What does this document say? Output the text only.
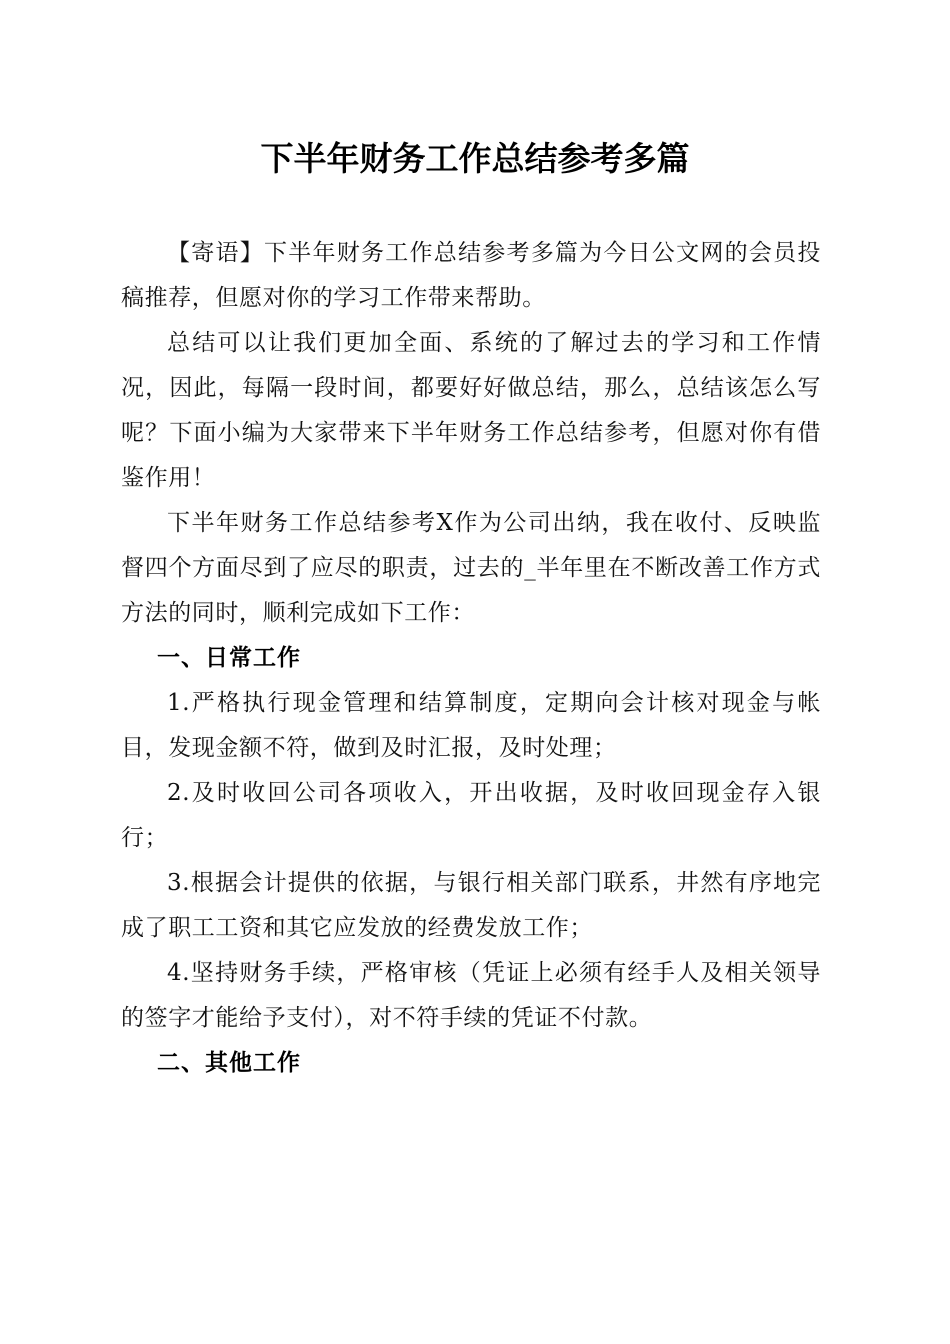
下半年财务工作总结参考多篇

【寄语】下半年财务工作总结参考多篇为今日公文网的会员投稿推荐，但愿对你的学习工作带来帮助。

总结可以让我们更加全面、系统的了解过去的学习和工作情况，因此，每隔一段时间，都要好好做总结，那么，总结该怎么写呢？下面小编为大家带来下半年财务工作总结参考，但愿对你有借鉴作用！

下半年财务工作总结参考X作为公司出纳，我在收付、反映监督四个方面尽到了应尽的职责，过去的_半年里在不断改善工作方式方法的同时，顺利完成如下工作：

一、日常工作

1.严格执行现金管理和结算制度，定期向会计核对现金与帐目，发现金额不符，做到及时汇报，及时处理；

2.及时收回公司各项收入，开出收据，及时收回现金存入银行；

3.根据会计提供的依据，与银行相关部门联系，井然有序地完成了职工工资和其它应发放的经费发放工作；

4.坚持财务手续，严格审核（凭证上必须有经手人及相关领导的签字才能给予支付），对不符手续的凭证不付款。

二、其他工作
